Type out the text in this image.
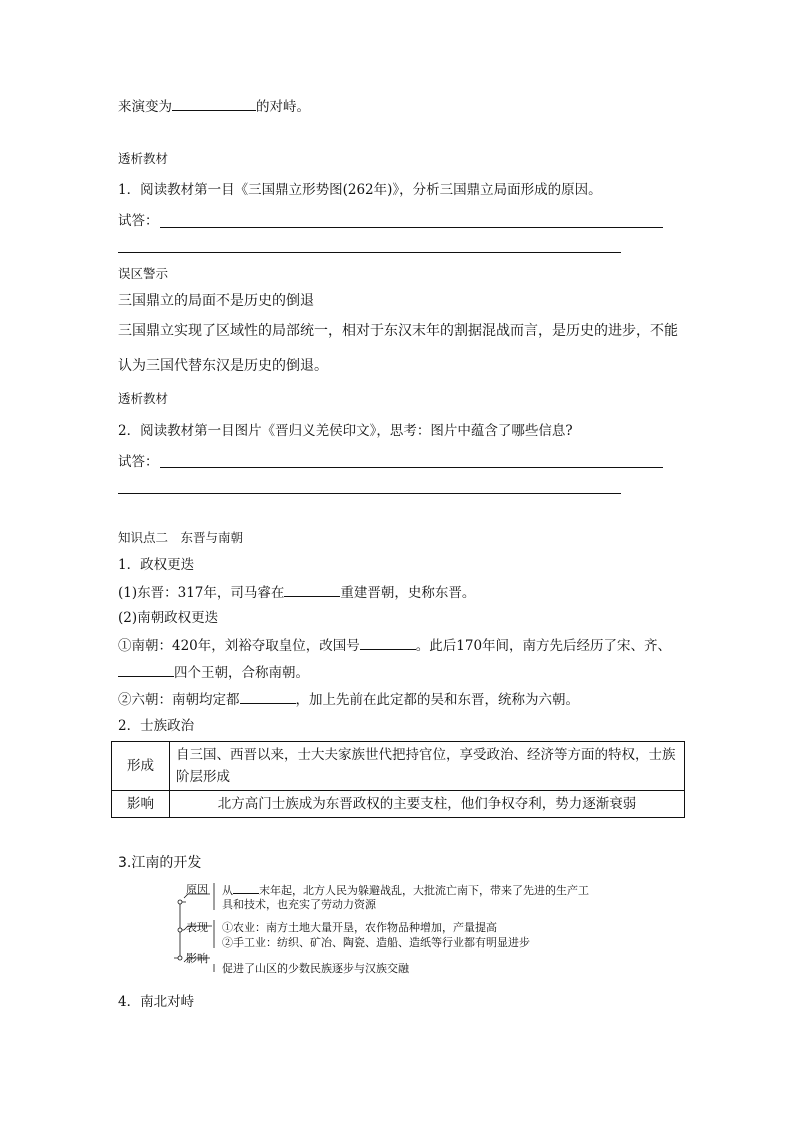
来演变为	的对峙。
透析教材
1．阅读教材第一目《三国鼎立形势图(262年)》，分析三国鼎立局面形成的原因。
试答：
误区警示
三国鼎立的局面不是历史的倒退
三国鼎立实现了区域性的局部统一，相对于东汉末年的割据混战而言，是历史的进步，不能
认为三国代替东汉是历史的倒退。
透析教材
2．阅读教材第一目图片《晋归义羌侯印文》，思考：图片中蕴含了哪些信息?
试答：
知识点二　东晋与南朝
1．政权更迭
(1)东晋：317年，司马睿在	重建晋朝，史称东晋。
(2)南朝政权更迭
①南朝：420年，刘裕夺取皇位，改国号	。此后170年间，南方先后经历了宋、齐、
四个王朝，合称南朝。
②六朝：南朝均定都	，加上先前在此定都的吴和东晋，统称为六朝。
2．士族政治
形成	自三国、西晋以来，士大夫家族世代把持官位，享受政治、经济等方面的特权，士族阶层形成
影响	北方高门士族成为东晋政权的主要支柱，他们争权夺利，势力逐渐衰弱
3.江南的开发
原因 从 末年起，北方人民为躲避战乱，大批流亡南下，带来了先进的生产工
具和技术，也充实了劳动力资源
表现 ①农业：南方土地大量开垦，农作物品种增加，产量提高
②手工业：纺织、矿冶、陶瓷、造船、造纸等行业都有明显进步
影响
促进了山区的少数民族逐步与汉族交融
4．南北对峙
